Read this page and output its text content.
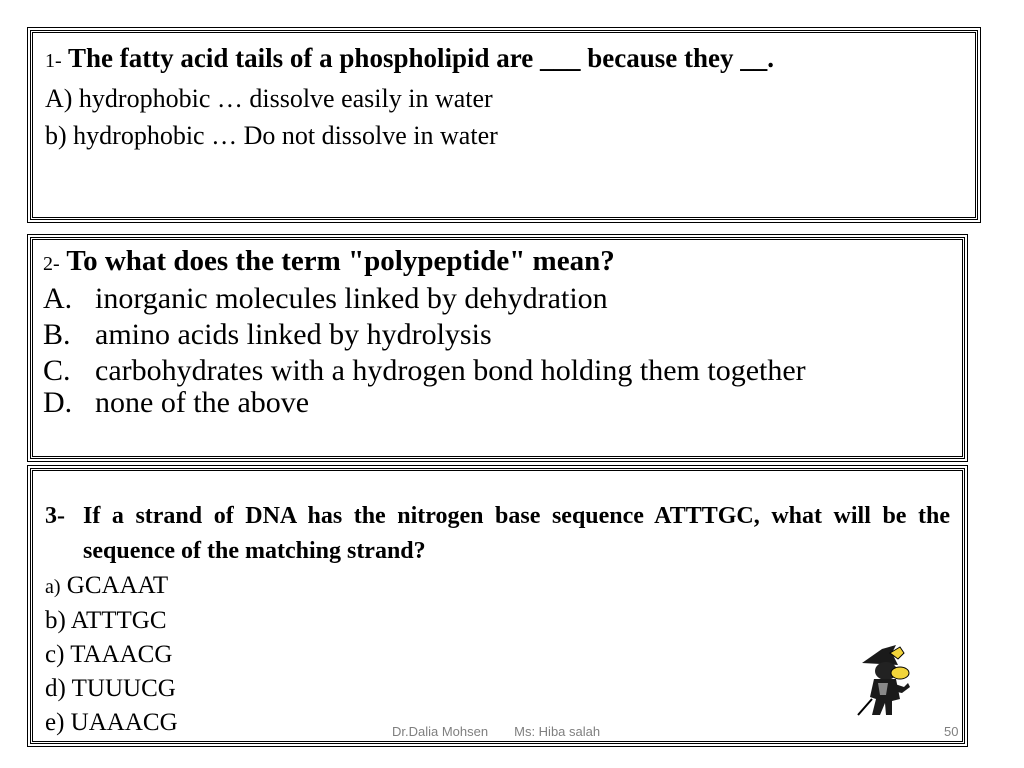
1- The fatty acid tails of a phospholipid are ___ because they __.

A) hydrophobic … dissolve easily in water

b) hydrophobic … Do not dissolve in water

2- To what does the term "polypeptide" mean?

A. inorganic molecules linked by dehydration
B. amino acids linked by hydrolysis
C. carbohydrates with a hydrogen bond holding them together
D. none of the above

3- If a strand of DNA has the nitrogen base sequence ATTTGC, what will be the sequence of the matching strand?

a) GCAAAT

b) ATTTGC

c) TAAACG

d) TUUUCG

e) UAAACG	Dr.Dalia Mohsen Ms: Hiba salah	50
